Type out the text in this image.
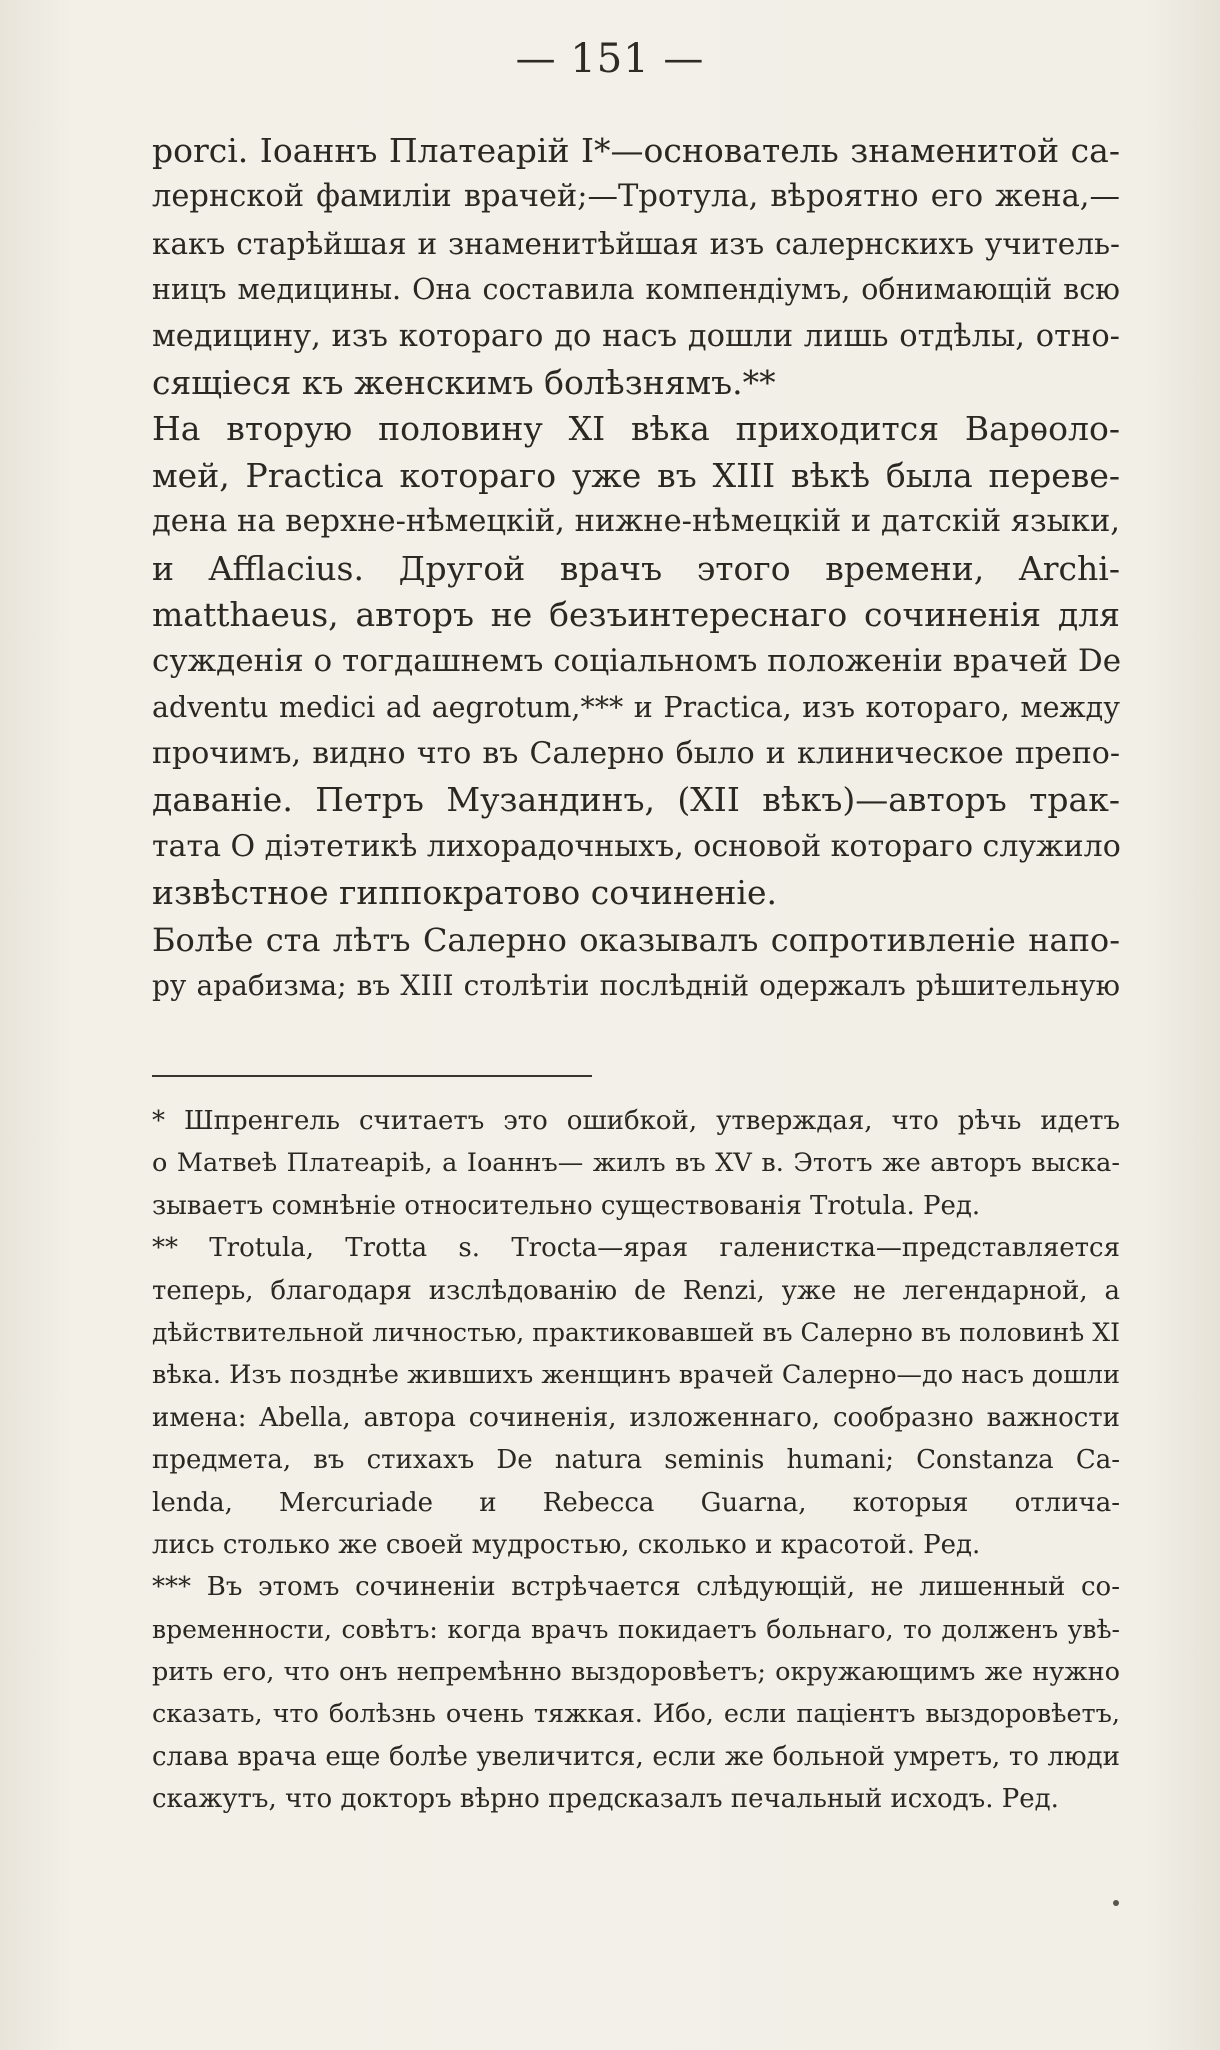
— 151 —
porci. Іоаннъ Платеарій I*—основатель знаменитой са-
лернской фамиліи врачей;—Тротула, вѣроятно его жена,—
какъ старѣйшая и знаменитѣйшая изъ салернскихъ учитель-
ницъ медицины. Она составила компендіумъ, обнимающій всю
медицину, изъ котораго до насъ дошли лишь отдѣлы, отно-
сящіеся къ женскимъ болѣзнямъ.**
На вторую половину XI вѣка приходится Варѳоло-
мей, Practica котораго уже въ XIII вѣкѣ была переве-
дена на верхне-нѣмецкій, нижне-нѣмецкій и датскій языки,
и Afflacius. Другой врачъ этого времени, Archi-
matthaeus, авторъ не безъинтереснаго сочиненія для
сужденія о тогдашнемъ соціальномъ положеніи врачей De
adventu medici ad aegrotum,*** и Practica, изъ котораго, между
прочимъ, видно что въ Салерно было и клиническое препо-
даваніе. Петръ Музандинъ, (XII вѣкъ)—авторъ трак-
тата О діэтетикѣ лихорадочныхъ, основой котораго служило
извѣстное гиппократово сочиненіе.
Болѣе ста лѣтъ Салерно оказывалъ сопротивленіе напо-
ру арабизма; въ XIII столѣтіи послѣдній одержалъ рѣшительную
* Шпренгель считаетъ это ошибкой, утверждая, что рѣчь идетъ
о Матвеѣ Платеаріѣ, а Іоаннъ— жилъ въ XV в. Этотъ же авторъ выска-
зываетъ сомнѣніе относительно существованія Trotula. Ред.
** Trotula, Trotta s. Trocta—ярая галенистка—представляется
теперь, благодаря изслѣдованію de Renzi, уже не легендарной, а
дѣйствительной личностью, практиковавшей въ Салерно въ половинѣ XI
вѣка. Изъ позднѣе жившихъ женщинъ врачей Салерно—до насъ дошли
имена: Abella, автора сочиненія, изложеннаго, сообразно важности
предмета, въ стихахъ De natura seminis humani; Constanza Ca-
lenda, Mercuriade и Rebecca Guarna, которыя отлича-
лись столько же своей мудростью, сколько и красотой. Ред.
*** Въ этомъ сочиненіи встрѣчается слѣдующій, не лишенный со-
временности, совѣтъ: когда врачъ покидаетъ больнаго, то долженъ увѣ-
рить его, что онъ непремѣнно выздоровѣетъ; окружающимъ же нужно
сказать, что болѣзнь очень тяжкая. Ибо, если паціентъ выздоровѣетъ,
слава врача еще болѣе увеличится, если же больной умретъ, то люди
скажутъ, что докторъ вѣрно предсказалъ печальный исходъ. Ред.
